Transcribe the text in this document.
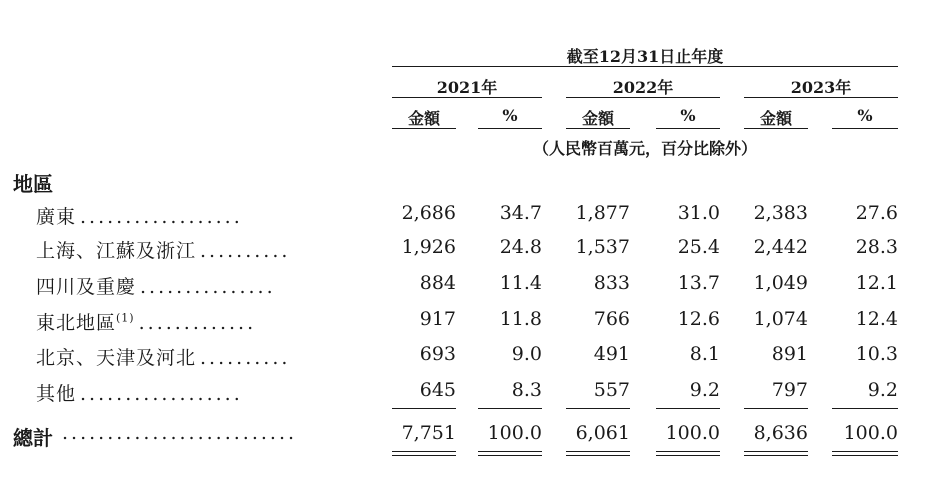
截至12月31日止年度
2021年	2022年	2023年
金額	%	金額	%	金額	%
（人民幣百萬元，百分比除外）
地區
廣東 ..................	2,686	34.7	1,877	31.0	2,383	27.6
上海、江蘇及浙江 ..........	1,926	24.8	1,537	25.4	2,442	28.3
四川及重慶 ...............	884	11.4	833	13.7	1,049	12.1
東北地區$^{(1)}$ .............	917	11.8	766	12.6	1,074	12.4
北京、天津及河北 ..........	693	9.0	491	8.1	891	10.3
其他 ..................	645	8.3	557	9.2	797	9.2
總計 ..........................	7,751	100.0	6,061	100.0	8,636	100.0
